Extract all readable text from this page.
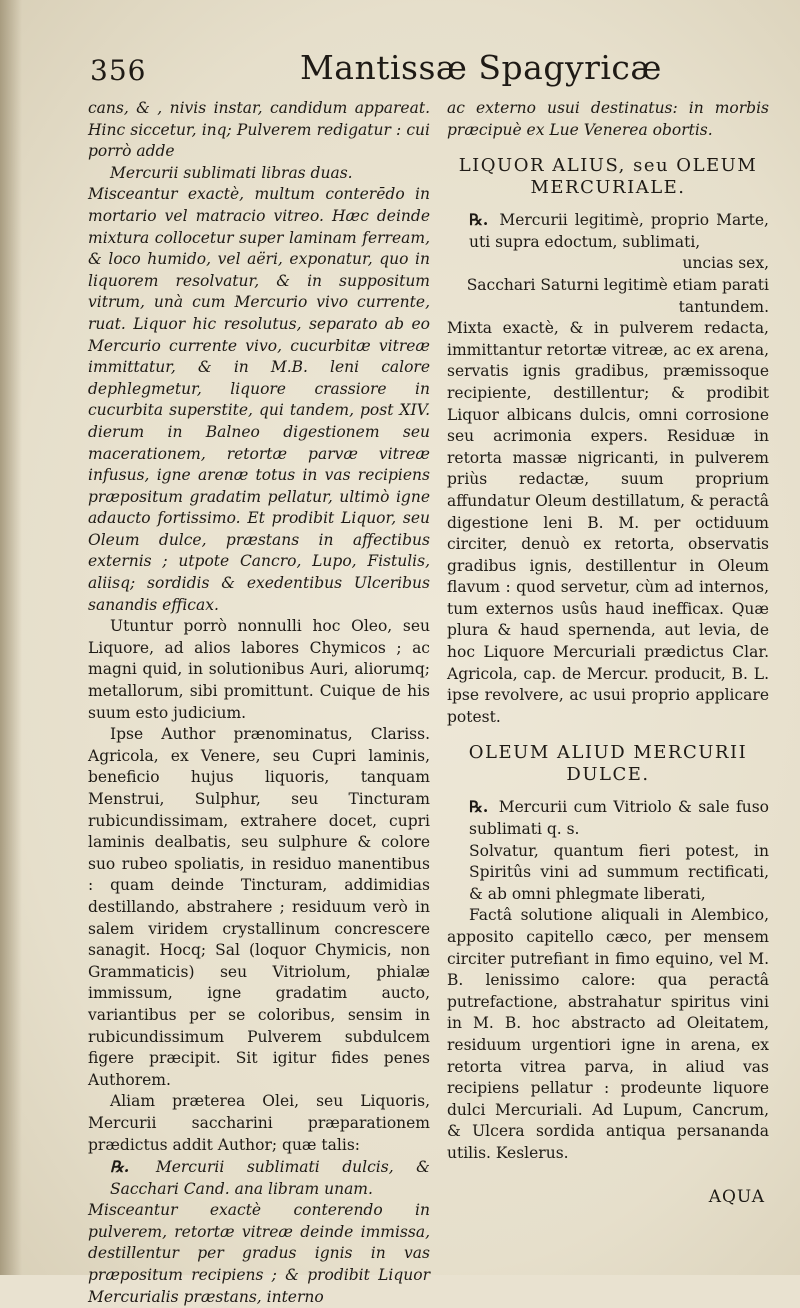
356	Mantissæ Spagyricæ

cans, & , nivis instar, candidum appareat. Hinc siccetur, inq; Pulverem redigatur : cui porrò adde

Mercurii sublimati libras duas.

Misceantur exactè, multum conterēdo in mortario vel matracio vitreo. Hæc deinde mixtura collocetur super laminam ferream, & loco humido, vel aëri, exponatur, quo in liquorem resolvatur, & in suppositum vitrum, unà cum Mercurio vivo currente, ruat. Liquor hic resolutus, separato ab eo Mercurio currente vivo, cucurbitæ vitreæ immittatur, & in M.B. leni calore dephlegmetur, liquore crassiore in cucurbita superstite, qui tandem, post XIV. dierum in Balneo digestionem seu macerationem, retortæ parvæ vitreæ infusus, igne arenæ totus in vas recipiens præpositum gradatim pellatur, ultimò igne adaucto fortissimo. Et prodibit Liquor, seu Oleum dulce, præstans in affectibus externis ; utpote Cancro, Lupo, Fistulis, aliisq; sordidis & exedentibus Ulceribus sanandis efficax.

Utuntur porrò nonnulli hoc Oleo, seu Liquore, ad alios labores Chymicos ; ac magni quid, in solutionibus Auri, aliorumq; metallorum, sibi promittunt. Cuique de his suum esto judicium.

Ipse Author prænominatus, Clariss. Agricola, ex Venere, seu Cupri laminis, beneficio hujus liquoris, tanquam Menstrui, Sulphur, seu Tincturam rubicundissimam, extrahere docet, cupri laminis dealbatis, seu sulphure & colore suo rubeo spoliatis, in residuo manentibus : quam deinde Tincturam, addimidias destillando, abstrahere ; residuum verò in salem viridem crystallinum concrescere sanagit. Hocq; Sal (loquor Chymicis, non Grammaticis) seu Vitriolum, phialæ immissum, igne gradatim aucto, variantibus per se coloribus, sensim in rubicundissimum Pulverem subdulcem figere præcipit. Sit igitur fides penes Authorem.

Aliam præterea Olei, seu Liquoris, Mercurii saccharini præparationem prædictus addit Author; quæ talis:

℞. Mercurii sublimati dulcis, & Sacchari Cand. ana libram unam.

Misceantur exactè conterendo in pulverem, retortæ vitreæ deinde immissa, destillentur per gradus ignis in vas præpositum recipiens ; & prodibit Liquor Mercurialis præstans, interno

ac externo usui destinatus: in morbis præcipuè ex Lue Venerea obortis.

LIQUOR ALIUS, seu OLEUM MERCURIALE.

℞. Mercurii legitimè, proprio Marte, uti supra edoctum, sublimati,

uncias sex,

Sacchari Saturni legitimè etiam parati tantundem.

Mixta exactè, & in pulverem redacta, immittantur retortæ vitreæ, ac ex arena, servatis ignis gradibus, præmissoque recipiente, destillentur; & prodibit Liquor albicans dulcis, omni corrosione seu acrimonia expers. Residuæ in retorta massæ nigricanti, in pulverem priùs redactæ, suum proprium affundatur Oleum destillatum, & peractâ digestione leni B. M. per octiduum circiter, denuò ex retorta, observatis gradibus ignis, destillentur in Oleum flavum : quod servetur, cùm ad internos, tum externos usûs haud inefficax. Quæ plura & haud spernenda, aut levia, de hoc Liquore Mercuriali prædictus Clar. Agricola, cap. de Mercur. producit, B. L. ipse revolvere, ac usui proprio applicare potest.

OLEUM ALIUD MERCURII DULCE.

℞. Mercurii cum Vitriolo & sale fuso sublimati q. s.

Solvatur, quantum fieri potest, in Spiritûs vini ad summum rectificati, & ab omni phlegmate liberati,

Factâ solutione aliquali in Alembico, apposito capitello cæco, per mensem circiter putrefiant in fimo equino, vel M. B. lenissimo calore: qua peractâ putrefactione, abstrahatur spiritus vini in M. B. hoc abstracto ad Oleitatem, residuum urgentiori igne in arena, ex retorta vitrea parva, in aliud vas recipiens pellatur : prodeunte liquore dulci Mercuriali. Ad Lupum, Cancrum, & Ulcera sordida antiqua persananda utilis. Keslerus.

AQUA
